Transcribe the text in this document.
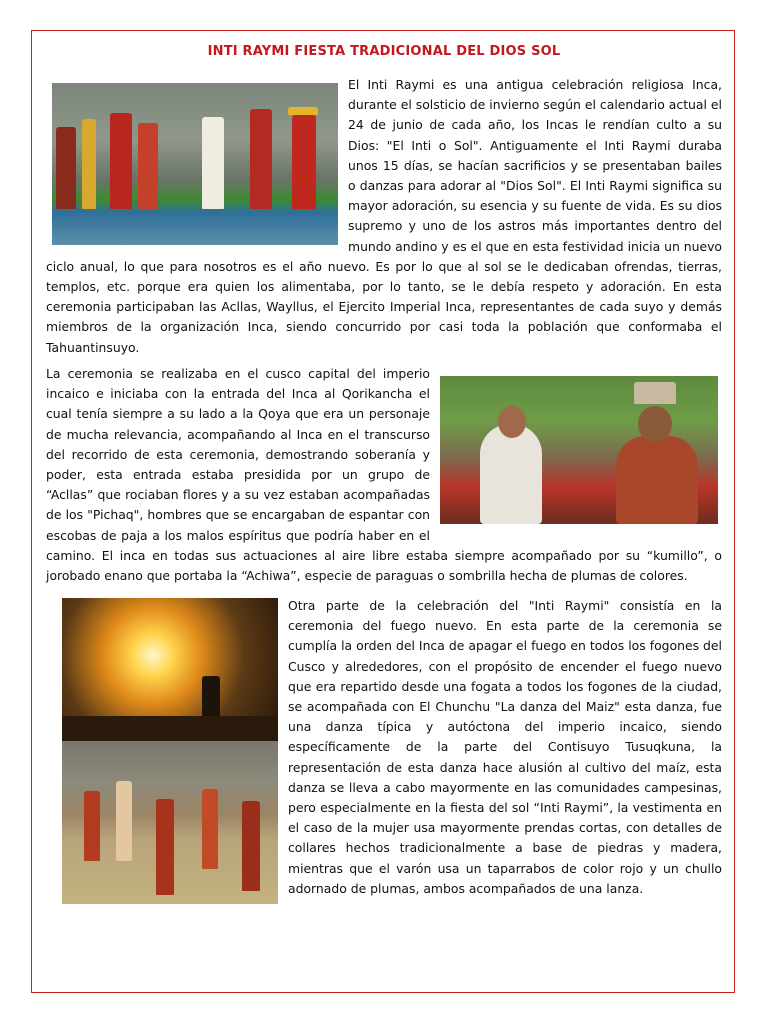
INTI RAYMI FIESTA TRADICIONAL DEL DIOS SOL

El Inti Raymi es una antigua celebración religiosa Inca, durante el solsticio de invierno según el calendario actual el 24 de junio de cada año, los Incas le rendían culto a su Dios: "El Inti o Sol". Antiguamente el Inti Raymi duraba unos 15 días, se hacían sacrificios y se presentaban bailes o danzas para adorar al "Dios Sol". El Inti Raymi significa su mayor adoración, su esencia y su fuente de vida. Es su dios supremo y uno de los astros más importantes dentro del mundo andino y es el que en esta festividad inicia un nuevo ciclo anual, lo que para nosotros es el año nuevo. Es por lo que al sol se le dedicaban ofrendas, tierras, templos, etc. porque era quien los alimentaba, por lo tanto, se le debía respeto y adoración. En esta ceremonia participaban las Acllas, Wayllus, el Ejercito Imperial Inca, representantes de cada suyo y demás miembros de la organización Inca, siendo concurrido por casi toda la población que conformaba el Tahuantinsuyo.

La ceremonia se realizaba en el cusco capital del imperio incaico e iniciaba con la entrada del Inca al Qorikancha el cual tenía siempre a su lado a la Qoya que era un personaje de mucha relevancia, acompañando al Inca en el transcurso del recorrido de esta ceremonia, demostrando soberanía y poder, esta entrada estaba presidida por un grupo de “Acllas” que rociaban flores y a su vez estaban acompañadas de los "Pichaq", hombres que se encargaban de espantar con escobas de paja a los malos espíritus que podría haber en el camino. El inca en todas sus actuaciones al aire libre estaba siempre acompañado por su “kumillo”, o jorobado enano que portaba la “Achiwa”, especie de paraguas o sombrilla hecha de plumas de colores.

Otra parte de la celebración del "Inti Raymi" consistía en la ceremonia del fuego nuevo. En esta parte de la ceremonia se cumplía la orden del Inca de apagar el fuego en todos los fogones del Cusco y alrededores, con el propósito de encender el fuego nuevo que era repartido desde una fogata a todos los fogones de la ciudad, se acompañada con El Chunchu "La danza del Maiz" esta danza, fue una danza típica y autóctona del imperio incaico, siendo específicamente de la parte del Contisuyo Tusuqkuna, la representación de esta danza hace alusión al cultivo del maíz, esta danza se lleva a cabo mayormente en las comunidades campesinas, pero especialmente en la fiesta del sol “Inti Raymi”, la vestimenta en el caso de la mujer usa mayormente prendas cortas, con detalles de collares hechos tradicionalmente a base de piedras y madera, mientras que el varón usa un taparrabos de color rojo y un chullo adornado de plumas, ambos acompañados de una lanza.
